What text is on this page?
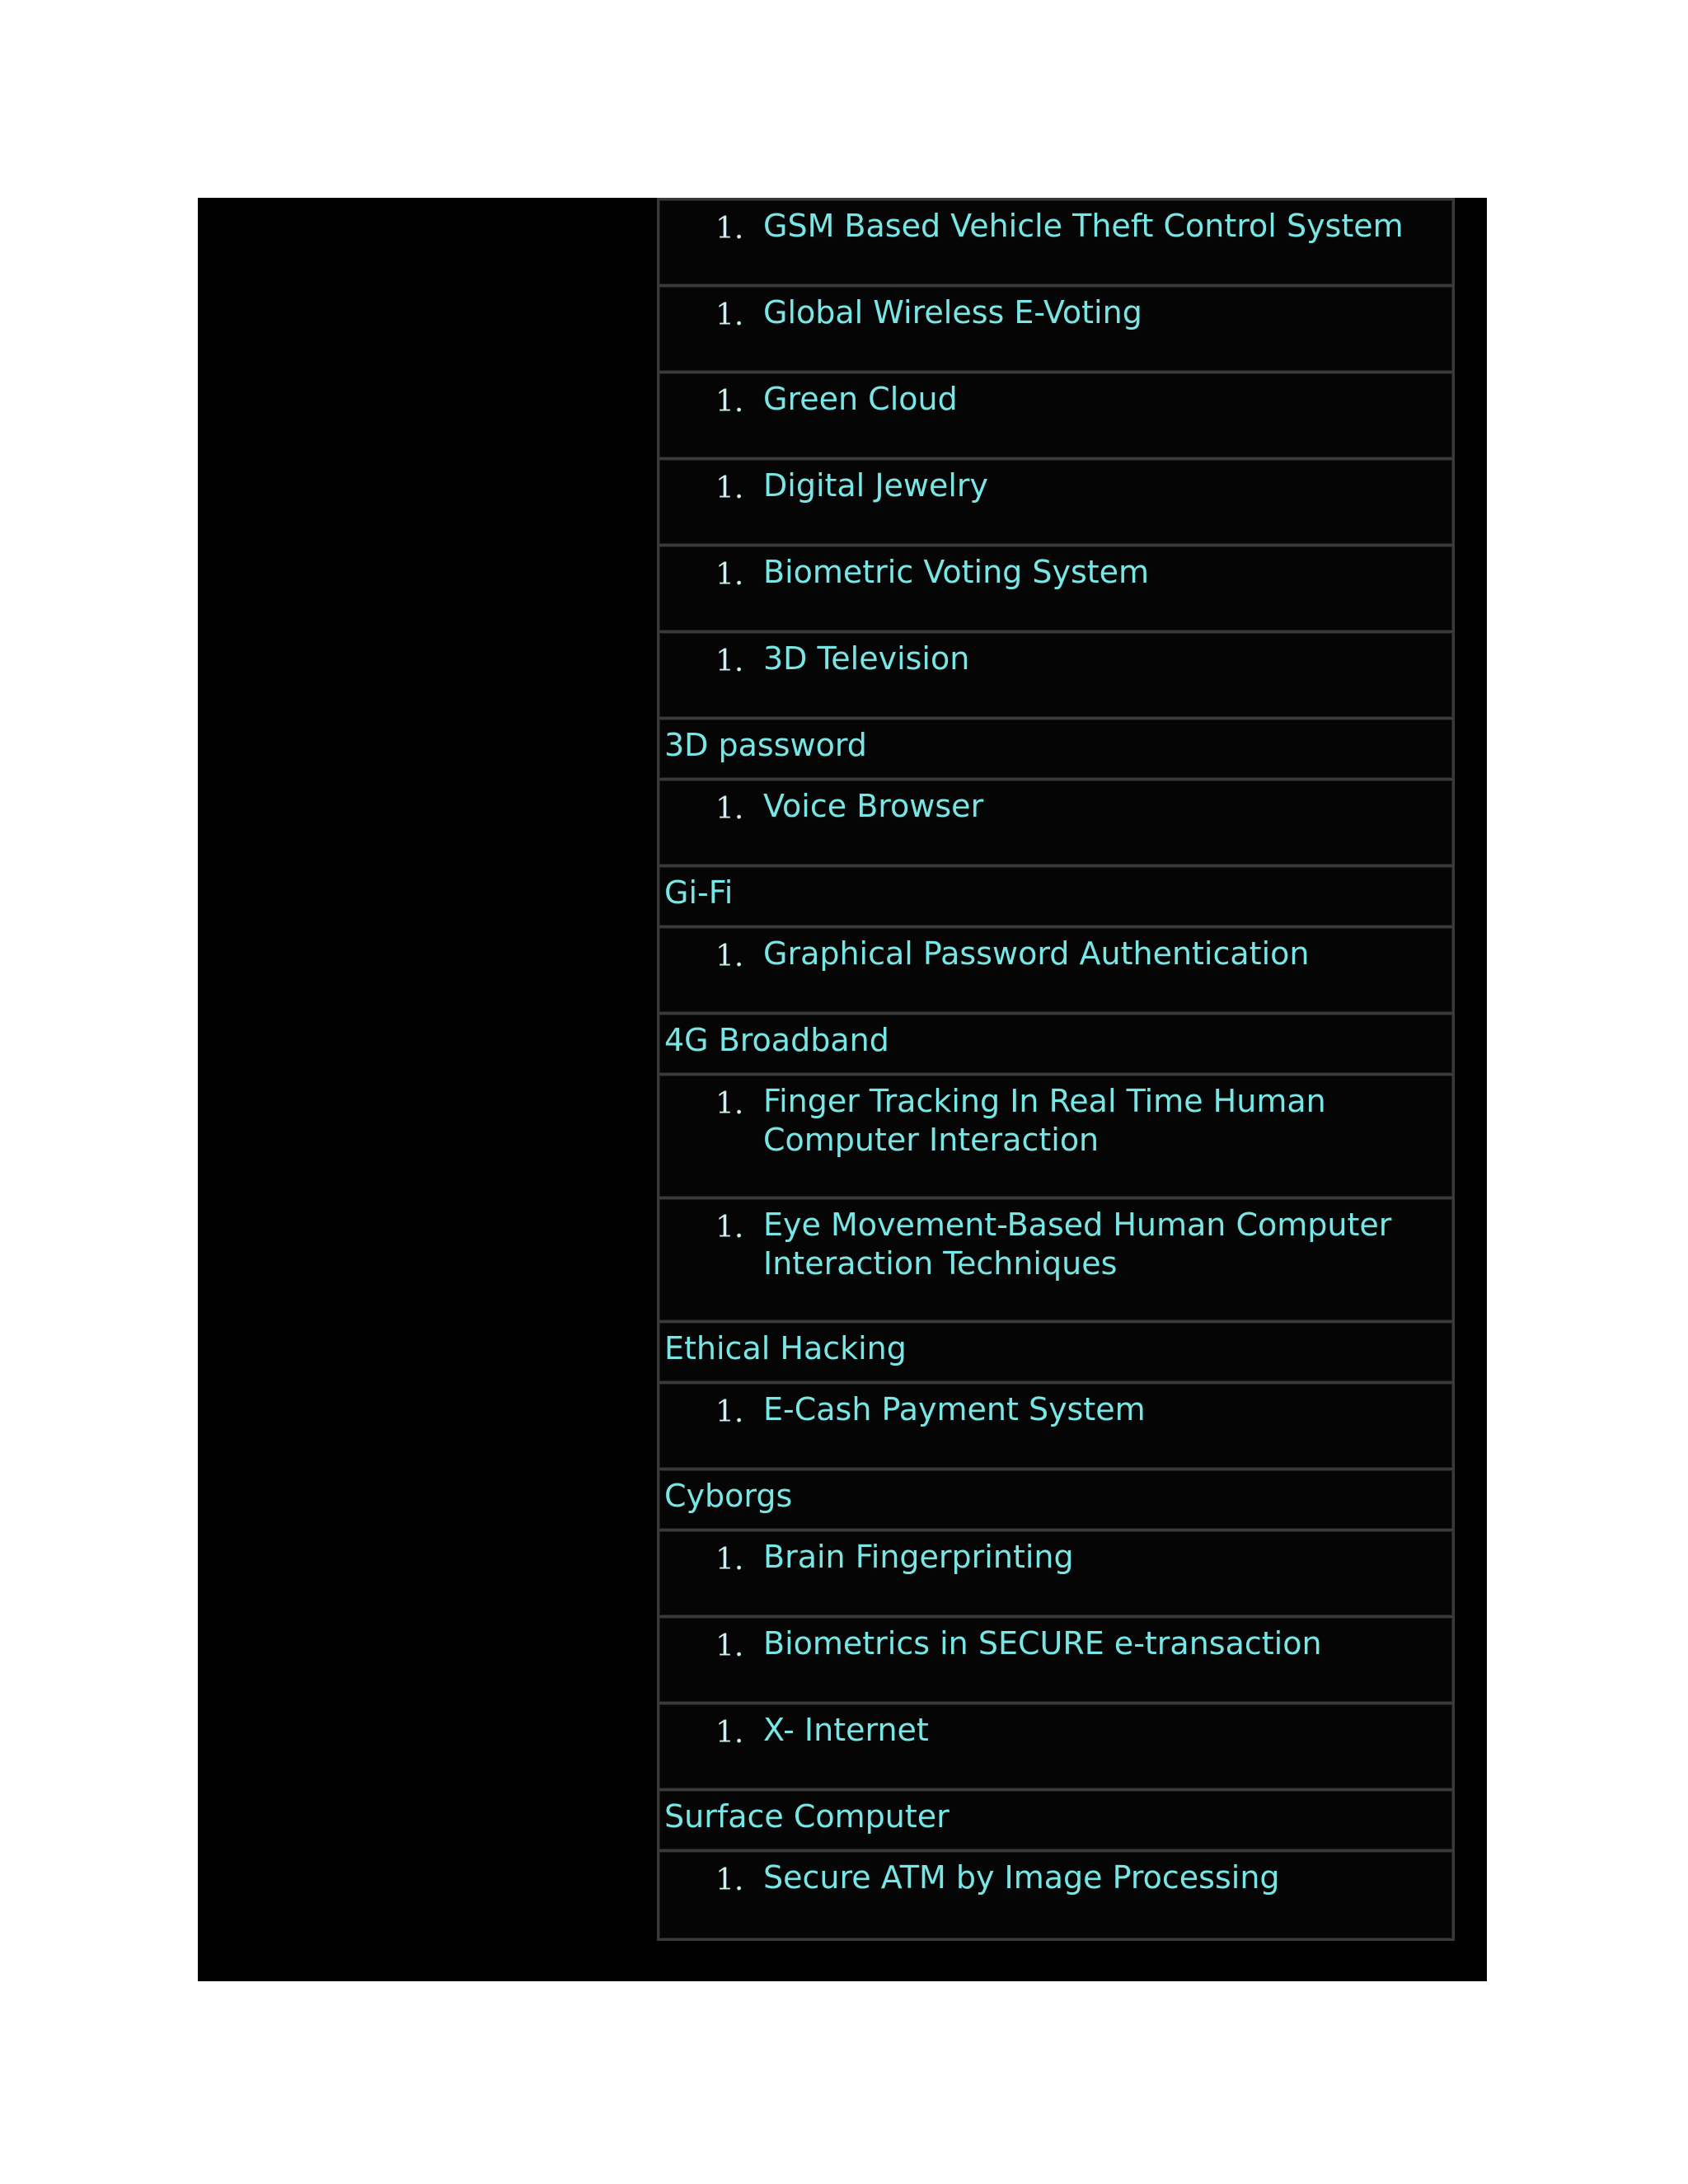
1. GSM Based Vehicle Theft Control System
1. Global Wireless E-Voting
1. Green Cloud
1. Digital Jewelry
1. Biometric Voting System
1. 3D Television
3D password
1. Voice Browser
Gi-Fi
1. Graphical Password Authentication
4G Broadband
1. Finger Tracking In Real Time Human Computer Interaction
1. Eye Movement-Based Human Computer Interaction Techniques
Ethical Hacking
1. E-Cash Payment System
Cyborgs
1. Brain Fingerprinting
1. Biometrics in SECURE e-transaction
1. X- Internet
Surface Computer
1. Secure ATM by Image Processing
